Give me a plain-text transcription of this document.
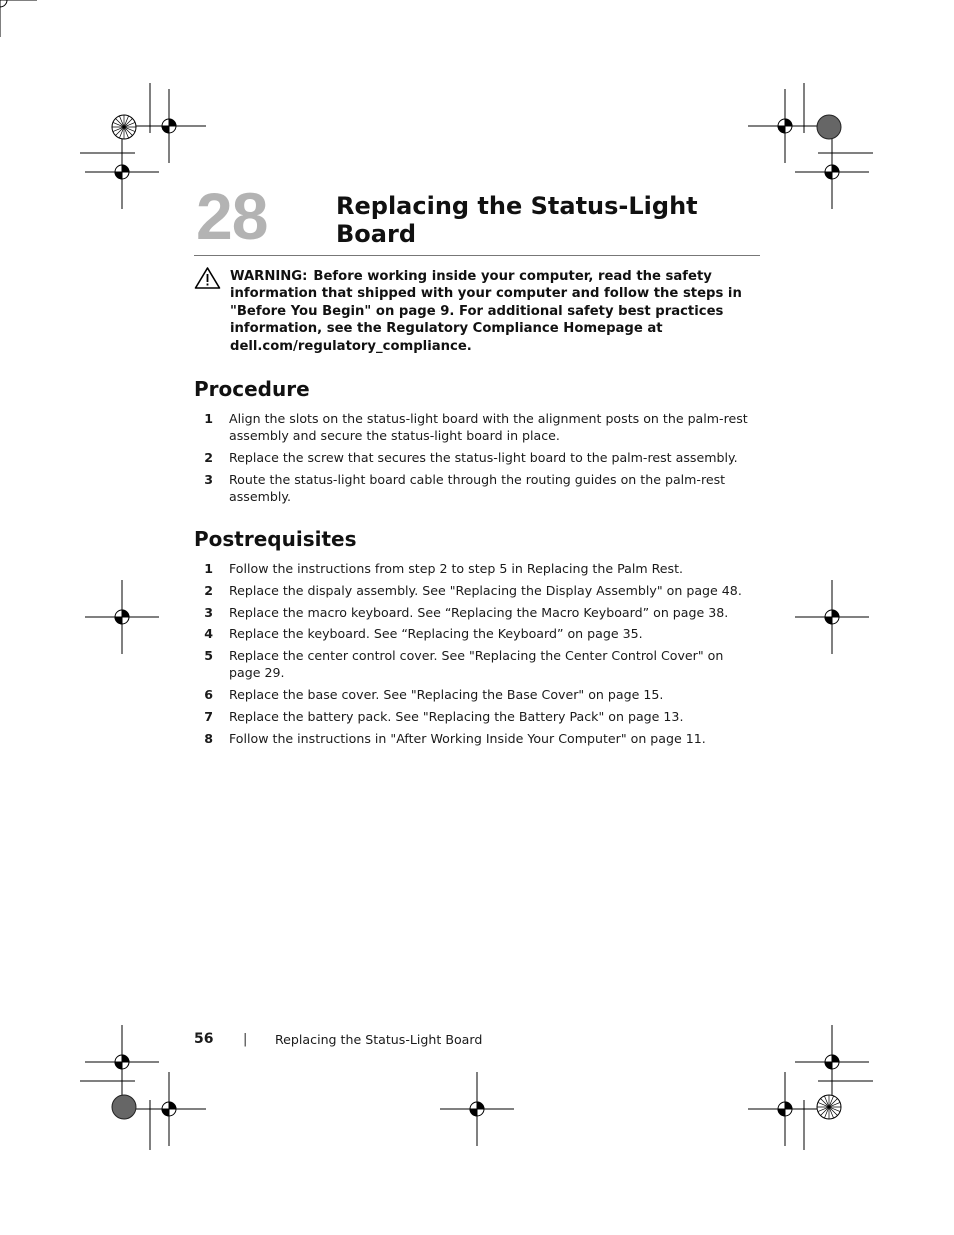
28	Replacing the Status-Light Board
WARNING: Before working inside your computer, read the safety information that shipped with your computer and follow the steps in "Before You Begin" on page 9. For additional safety best practices information, see the Regulatory Compliance Homepage at dell.com/regulatory_compliance.
Procedure
1 Align the slots on the status-light board with the alignment posts on the palm-rest assembly and secure the status-light board in place.
2 Replace the screw that secures the status-light board to the palm-rest assembly.
3 Route the status-light board cable through the routing guides on the palm-rest assembly.
Postrequisites
1 Follow the instructions from step 2 to step 5 in Replacing the Palm Rest.
2 Replace the dispaly assembly. See "Replacing the Display Assembly" on page 48.
3 Replace the macro keyboard. See “Replacing the Macro Keyboard” on page 38.
4 Replace the keyboard. See “Replacing the Keyboard” on page 35.
5 Replace the center control cover. See "Replacing the Center Control Cover" on page 29.
6 Replace the base cover. See "Replacing the Base Cover" on page 15.
7 Replace the battery pack. See "Replacing the Battery Pack" on page 13.
8 Follow the instructions in "After Working Inside Your Computer" on page 11.
56 | Replacing the Status-Light Board
